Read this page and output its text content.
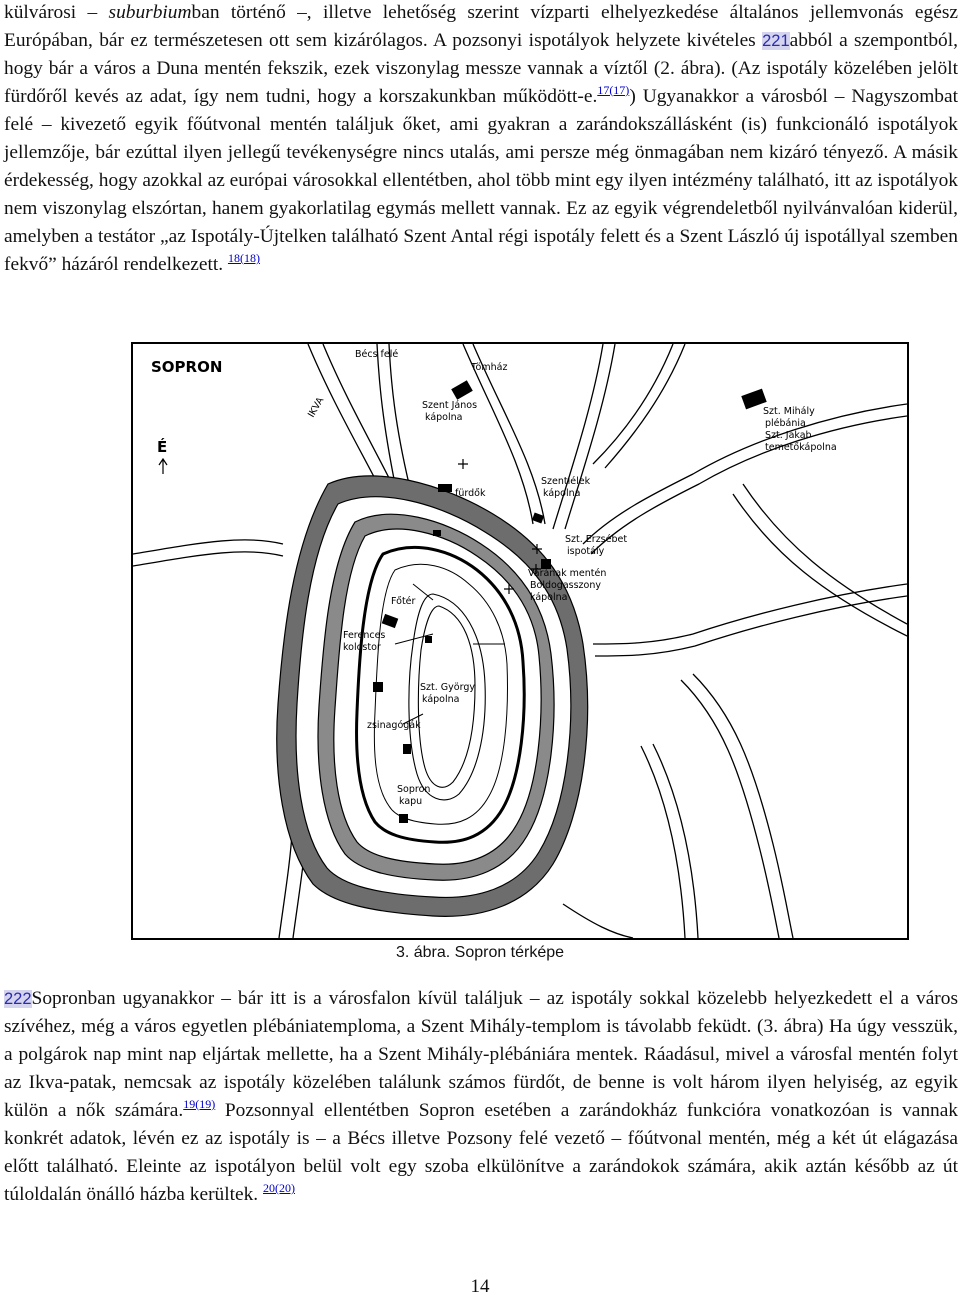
külvárosi – suburbiumban történő –, illetve lehetőség szerint vízparti elhelyezkedése általános jellemvonás egész Európában, bár ez természetesen ott sem kizárólagos. A pozsonyi ispotályok helyzete kivételes 221abból a szempontból, hogy bár a város a Duna mentén fekszik, ezek viszonylag messze vannak a víztől (2. ábra). (Az ispotály közelében jelölt fürdőről kevés az adat, így nem tudni, hogy a korszakunkban működött-e.$^{17(17)}$) Ugyanakkor a városból – Nagyszombat felé – kivezető egyik főútvonal mentén találjuk őket, ami gyakran a zarándokszállásként (is) funkcionáló ispotályok jellemzője, bár ezúttal ilyen jellegű tevékenységre nincs utalás, ami persze még önmagában nem kizáró tényező. A másik érdekesség, hogy azokkal az európai városokkal ellentétben, ahol több mint egy ilyen intézmény található, itt az ispotályok nem viszonylag elszórtan, hanem gyakorlatilag egymás mellett vannak. Ez az egyik végrendeletből nyilvánvalóan kiderül, amelyben a testátor „az Ispotály-Újtelken található Szent Antal régi ispotály felett és a Szent László új ispotállyal szemben fekvő” házáról rendelkezett. $^{18(18)}$

SOPRON
É
Bécs felé
IKVA	Szent János
kápolna
Tömház
Szt. Mihály
plébánia
Szt. Jakab
temetőkápolna
fürdők
Szentlélek
kápolna
Szt. Erzsébet
ispotály
Várának mentén
Boldogasszony
kápolna
Főtér
Ferences
kolostor
Szt. György
kápolna
zsinagógák
Sopron
kapu
3. ábra. Sopron térképe

222Sopronban ugyanakkor – bár itt is a városfalon kívül találjuk – az ispotály sokkal közelebb helyezkedett el a város szívéhez, még a város egyetlen plébániatemploma, a Szent Mihály-templom is távolabb feküdt. (3. ábra) Ha úgy vesszük, a polgárok nap mint nap eljártak mellette, ha a Szent Mihály-plébániára mentek. Ráadásul, mivel a városfal mentén folyt az Ikva-patak, nemcsak az ispotály közelében találunk számos fürdőt, de benne is volt három ilyen helyiség, az egyik külön a nők számára.$^{19(19)}$ Pozsonnyal ellentétben Sopron esetében a zarándokház funkcióra vonatkozóan is vannak konkrét adatok, lévén ez az ispotály is – a Bécs illetve Pozsony felé vezető – főútvonal mentén, még a két út elágazása előtt található. Eleinte az ispotályon belül volt egy szoba elkülönítve a zarándokok számára, akik aztán később az út túloldalán önálló házba kerültek. $^{20(20)}$

14
